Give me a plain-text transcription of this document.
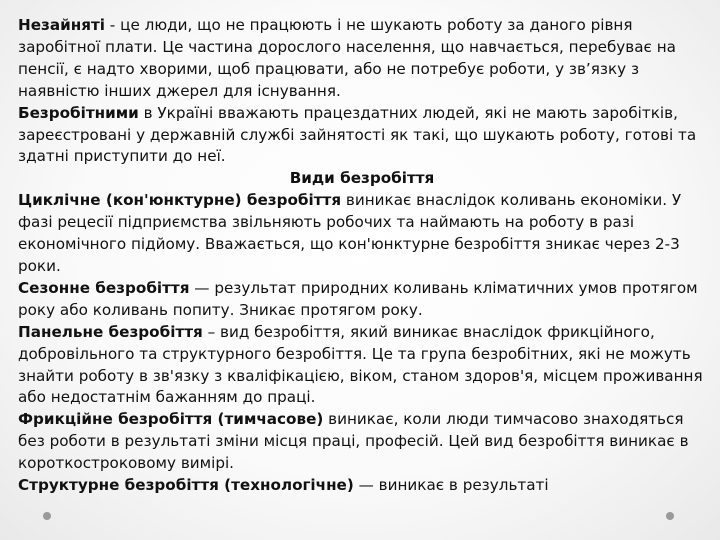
Незайняті - це люди, що не працюють і не шукають роботу за даного рівня заробітної плати. Це частина дорослого населення, що навчається, перебуває на пенсії, є надто хворими, щоб працювати, або не потребує роботи, у зв’язку з наявністю інших джерел для існування.

Безробітними в Україні вважають працездатних людей, які не мають заробітків, зареєстровані у державній службі зайнятості як такі, що шукають роботу, готові та здатні приступити до неї.

Види безробіття

Циклічне (кон'юнктурне) безробіття виникає внаслідок коливань економіки. У фазі рецесії підприємства звільняють робочих та наймають на роботу в разі економічного підйому. Вважається, що кон'юнктурне безробіття зникає через 2-3 роки.

Сезонне безробіття — результат природних коливань кліматичних умов протягом року або коливань попиту. Зникає протягом року.

Панельне безробіття – вид безробіття, який виникає внаслідок фрикційного, добровільного та структурного безробіття. Це та група безробітних, які не можуть знайти роботу в зв'язку з кваліфікацією, віком, станом здоров'я, місцем проживання або недостатнім бажанням до праці.

Фрикційне безробіття (тимчасове) виникає, коли люди тимчасово знаходяться без роботи в результаті зміни місця праці, професій. Цей вид безробіття виникає в короткостроковому вимірі.

Структурне безробіття (технологічне) — виникає в результаті
